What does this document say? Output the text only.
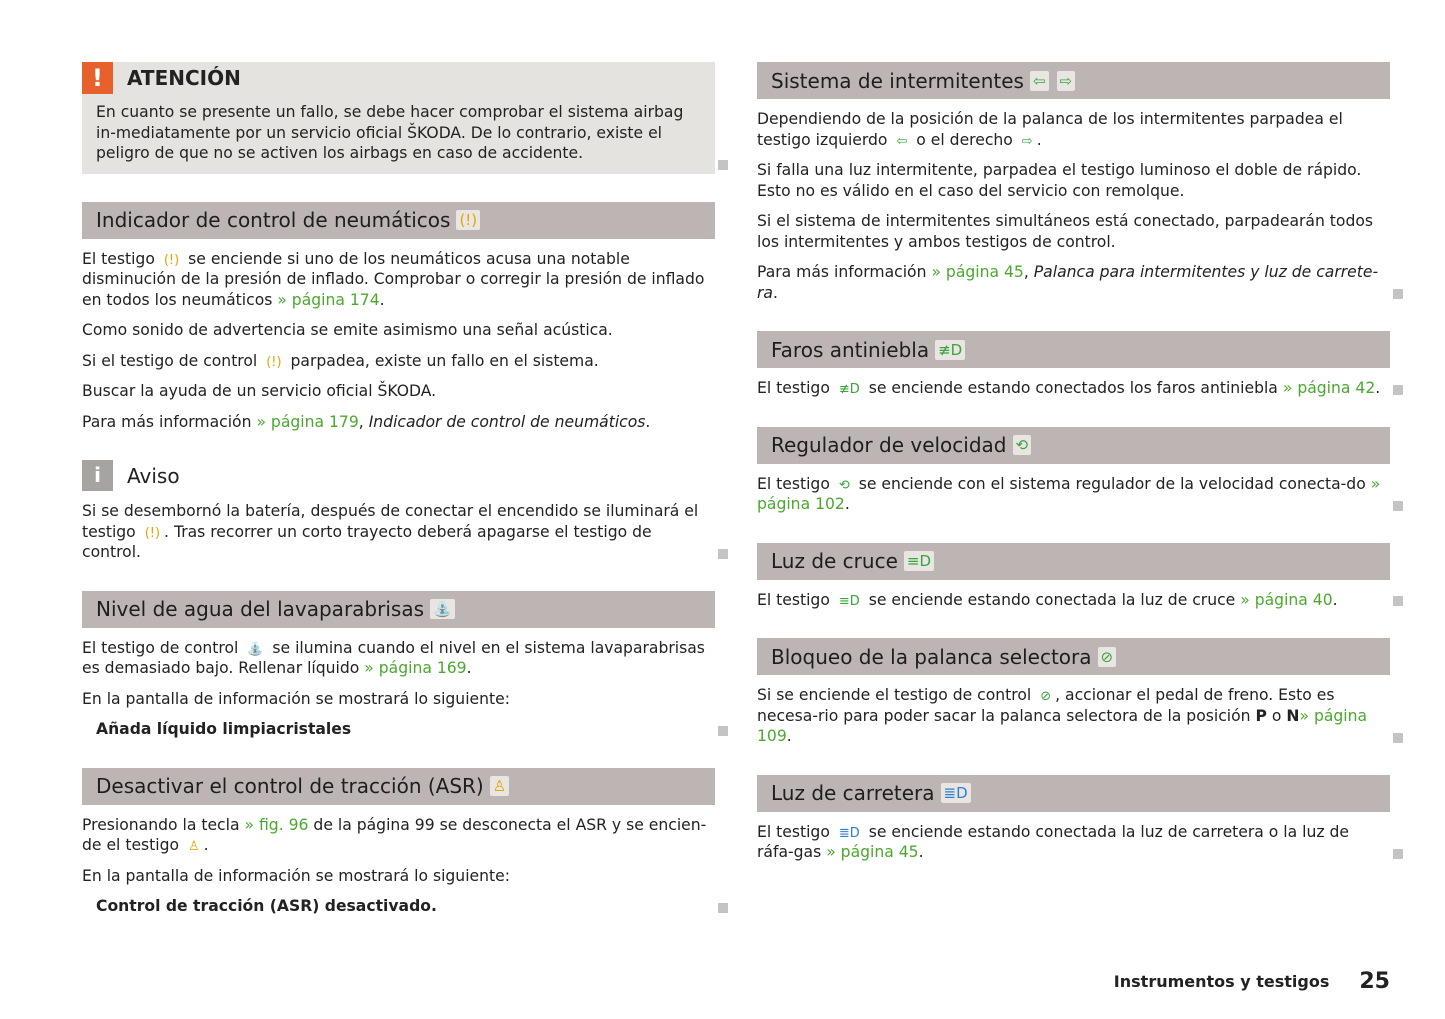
!	ATENCIÓN

En cuanto se presente un fallo, se debe hacer comprobar el sistema airbag in-mediatamente por un servicio oficial ŠKODA. De lo contrario, existe el peligro de que no se activen los airbags en caso de accidente.

Indicador de control de neumáticos (!)

El testigo (!) se enciende si uno de los neumáticos acusa una notable disminución de la presión de inflado. Comprobar o corregir la presión de inflado en todos los neumáticos » página 174.

Como sonido de advertencia se emite asimismo una señal acústica.

Si el testigo de control (!) parpadea, existe un fallo en el sistema.

Buscar la ayuda de un servicio oficial ŠKODA.

Para más información » página 179, Indicador de control de neumáticos.

i	Aviso

Si se desembornó la batería, después de conectar el encendido se iluminará el testigo (!) . Tras recorrer un corto trayecto deberá apagarse el testigo de control.

Nivel de agua del lavaparabrisas ⛲

El testigo de control ⛲ se ilumina cuando el nivel en el sistema lavaparabrisas es demasiado bajo. Rellenar líquido » página 169.

En la pantalla de información se mostrará lo siguiente:

Añada líquido limpiacristales

Desactivar el control de tracción (ASR) ♙

Presionando la tecla » fig. 96 de la página 99 se desconecta el ASR y se encien-de el testigo ♙ .

En la pantalla de información se mostrará lo siguiente:

Control de tracción (ASR) desactivado.

Sistema de intermitentes ⇦ ⇨

Dependiendo de la posición de la palanca de los intermitentes parpadea el testigo izquierdo ⇦ o el derecho ⇨ .

Si falla una luz intermitente, parpadea el testigo luminoso el doble de rápido. Esto no es válido en el caso del servicio con remolque.

Si el sistema de intermitentes simultáneos está conectado, parpadearán todos los intermitentes y ambos testigos de control.

Para más información » página 45, Palanca para intermitentes y luz de carrete-ra.

Faros antiniebla ≢D

El testigo ≢D se enciende estando conectados los faros antiniebla » página 42.

Regulador de velocidad ⟲

El testigo ⟲ se enciende con el sistema regulador de la velocidad conecta-do » página 102.

Luz de cruce ≡D

El testigo ≡D se enciende estando conectada la luz de cruce » página 40.

Bloqueo de la palanca selectora ⊘

Si se enciende el testigo de control ⊘ , accionar el pedal de freno. Esto es necesa-rio para poder sacar la palanca selectora de la posición P o N» página 109.

Luz de carretera ≣D

El testigo ≣D se enciende estando conectada la luz de carretera o la luz de ráfa-gas » página 45.

Instrumentos y testigos 25
